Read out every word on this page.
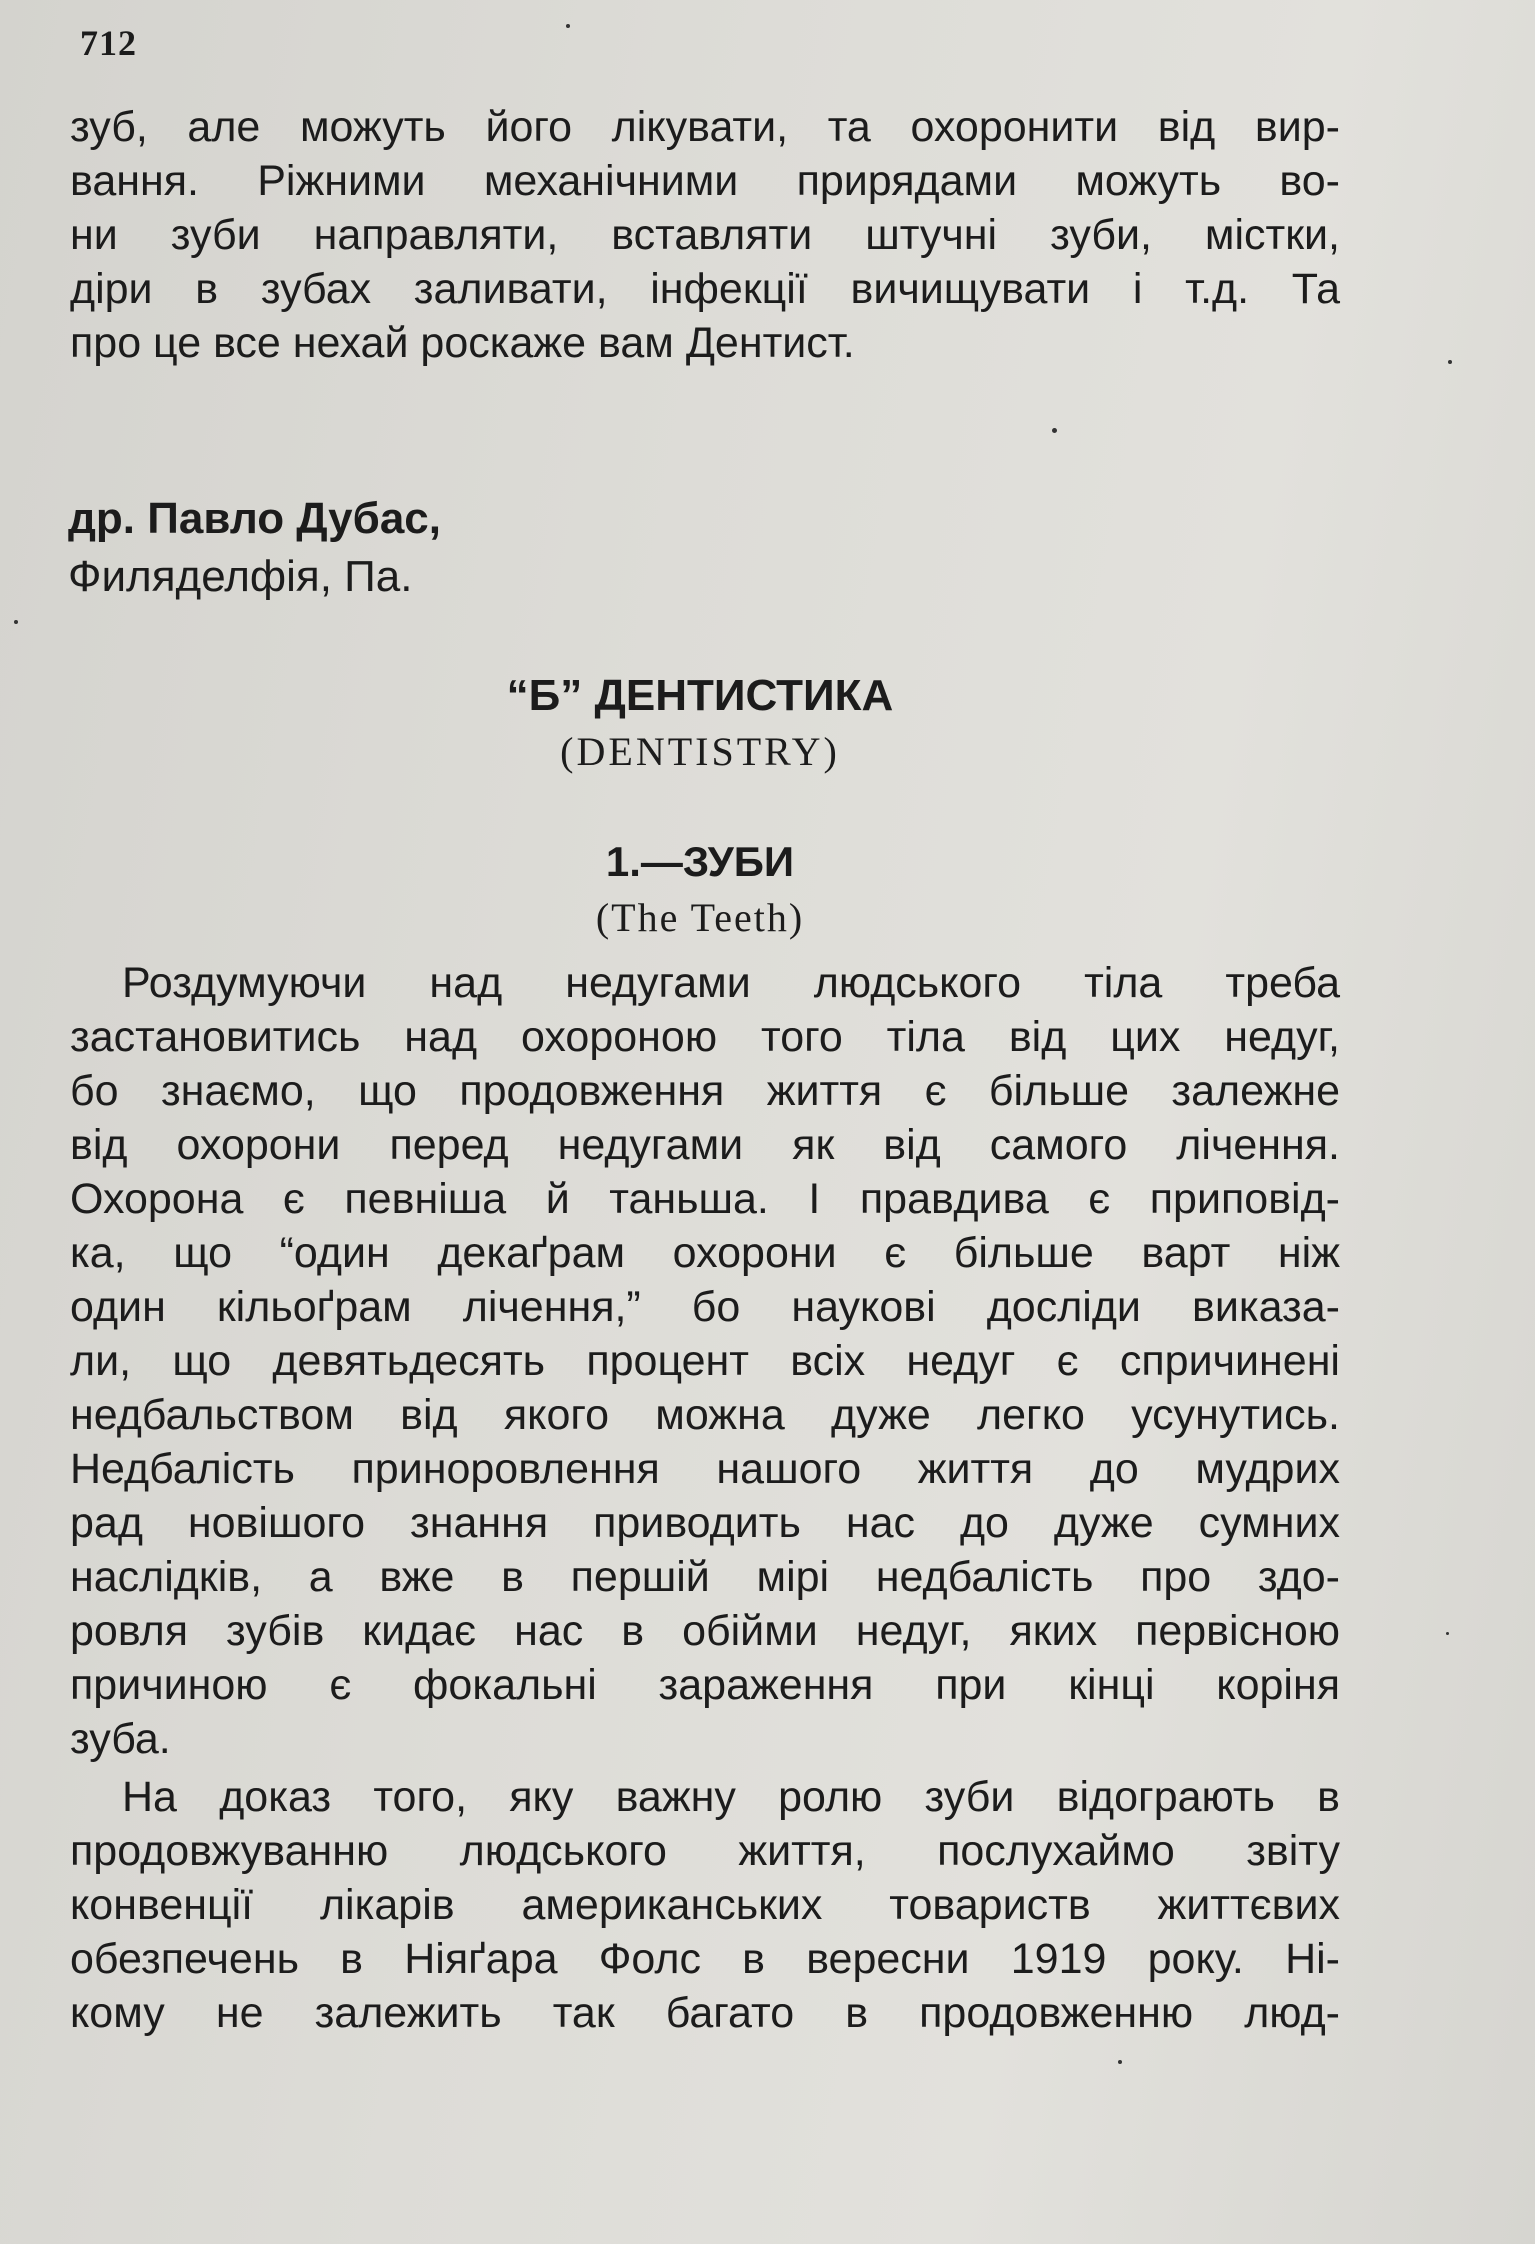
712
зуб, але можуть його лікувати, та охоронити від вир-
вання. Ріжними механічними прирядами можуть во-
ни зуби направляти, вставляти штучні зуби, містки,
діри в зубах заливати, інфекції вичищувати і т.д. Та
про це все нехай роскаже вам Дентист.
др. Павло Дубас,
Филяделфія, Па.
“Б” ДЕНТИСТИКА
(DENTISTRY)
1.—ЗУБИ
(The Teeth)
Роздумуючи над недугами людського тіла треба
застановитись над охороною того тіла від цих недуг,
бо знаємо, що продовження життя є більше залежне
від охорони перед недугами як від самого лічення.
Охорона є певніша й таньша. І правдива є приповід-
ка, що “один декаґрам охорони є більше варт ніж
один кільоґрам лічення,” бо наукові досліди виказа-
ли, що девятьдесять процент всіх недуг є спричинені
недбальством від якого можна дуже легко усунутись.
Недбалість приноровлення нашого життя до мудрих
рад новішого знання приводить нас до дуже сумних
наслідків, а вже в першій мірі недбалість про здо-
ровля зубів кидає нас в обійми недуг, яких первісною
причиною є фокальні зараження при кінці коріня
зуба.
На доказ того, яку важну ролю зуби відограють в
продовжуванню людського життя, послухаймо звіту
конвенції лікарів американських товариств життєвих
обезпечень в Ніяґара Фолс в вересни 1919 року. Ні-
кому не залежить так багато в продовженню люд-
